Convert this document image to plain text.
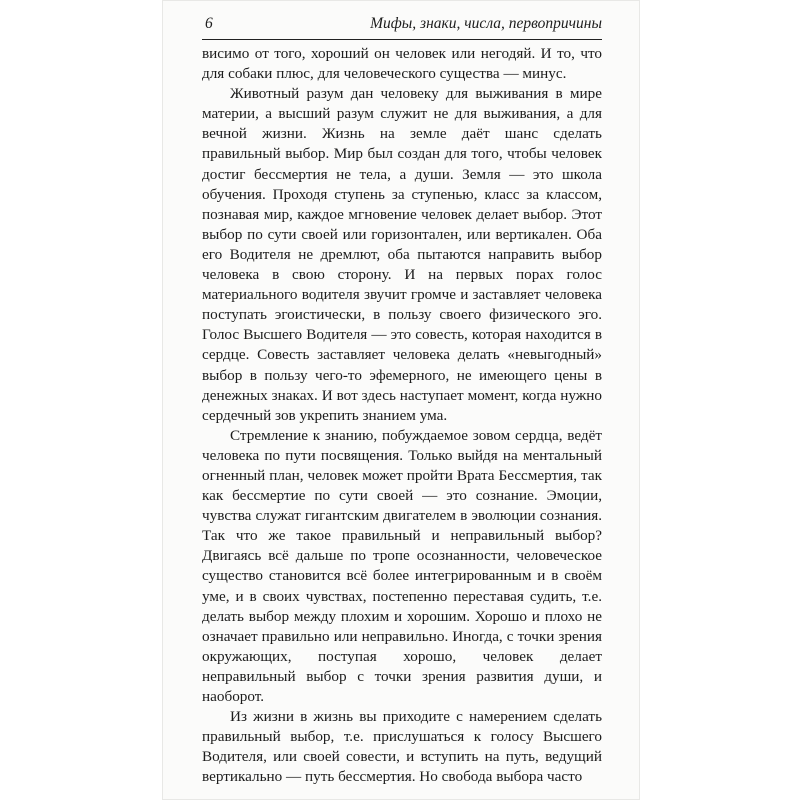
6	Мифы, знаки, числа, первопричины

висимо от того, хороший он человек или негодяй. И то, что для собаки плюс, для человеческого существа — минус.

Животный разум дан человеку для выживания в мире материи, а высший разум служит не для выживания, а для вечной жизни. Жизнь на земле даёт шанс сделать правильный выбор. Мир был создан для того, чтобы человек достиг бессмертия не тела, а души. Земля — это школа обучения. Проходя ступень за ступенью, класс за классом, познавая мир, каждое мгновение человек делает выбор. Этот выбор по сути своей или горизонтален, или вертикален. Оба его Водителя не дремлют, оба пытаются направить выбор человека в свою сторону. И на первых порах голос материального водителя звучит громче и заставляет человека поступать эгоистически, в пользу своего физического эго. Голос Высшего Водителя — это совесть, которая находится в сердце. Совесть заставляет человека делать «невыгодный» выбор в пользу чего-то эфемерного, не имеющего цены в денежных знаках. И вот здесь наступает момент, когда нужно сердечный зов укрепить знанием ума.

Стремление к знанию, побуждаемое зовом сердца, ведёт человека по пути посвящения. Только выйдя на ментальный огненный план, человек может пройти Врата Бессмертия, так как бессмертие по сути своей — это сознание. Эмоции, чувства служат гигантским двигателем в эволюции сознания. Так что же такое правильный и неправильный выбор? Двигаясь всё дальше по тропе осознанности, человеческое существо становится всё более интегрированным и в своём уме, и в своих чувствах, постепенно переставая судить, т.е. делать выбор между плохим и хорошим. Хорошо и плохо не означает правильно или неправильно. Иногда, с точки зрения окружающих, поступая хорошо, человек делает неправильный выбор с точки зрения развития души, и наоборот.

Из жизни в жизнь вы приходите с намерением сделать правильный выбор, т.е. прислушаться к голосу Высшего Водителя, или своей совести, и вступить на путь, ведущий вертикально — путь бессмертия. Но свобода выбора часто
